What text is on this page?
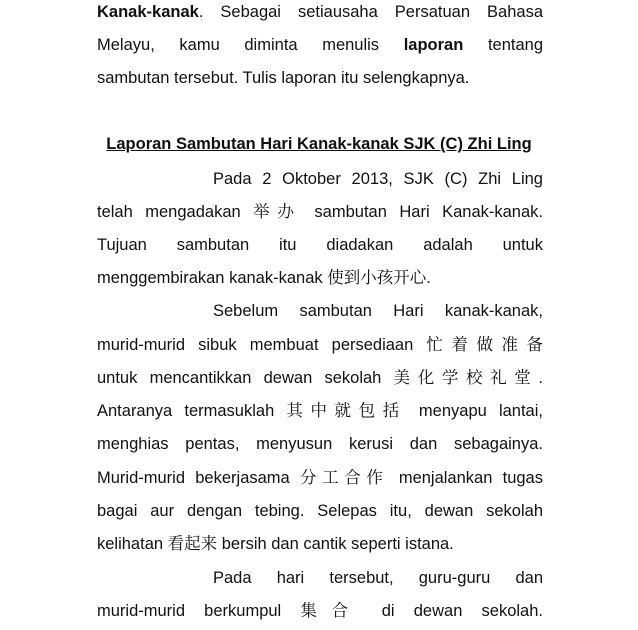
Kanak-kanak. Sebagai setiausaha Persatuan Bahasa
Melayu, kamu diminta menulis laporan tentang
sambutan tersebut. Tulis laporan itu selengkapnya.
Laporan Sambutan Hari Kanak-kanak SJK (C) Zhi Ling
Pada 2 Oktober 2013, SJK (C) Zhi Ling
telah mengadakan 举办 sambutan Hari Kanak-kanak.
Tujuan sambutan itu diadakan adalah untuk
menggembirakan kanak-kanak 使到小孩开心.
Sebelum sambutan Hari kanak-kanak,
murid-murid sibuk membuat persediaan 忙着做准备
untuk mencantikkan dewan sekolah 美化学校礼堂.
Antaranya termasuklah 其中就包括 menyapu lantai,
menghias pentas, menyusun kerusi dan sebagainya.
Murid-murid bekerjasama 分工合作 menjalankan tugas
bagai aur dengan tebing. Selepas itu, dewan sekolah
kelihatan 看起来 bersih dan cantik seperti istana.
Pada hari tersebut, guru-guru dan
murid-murid berkumpul 集合 di dewan sekolah.
